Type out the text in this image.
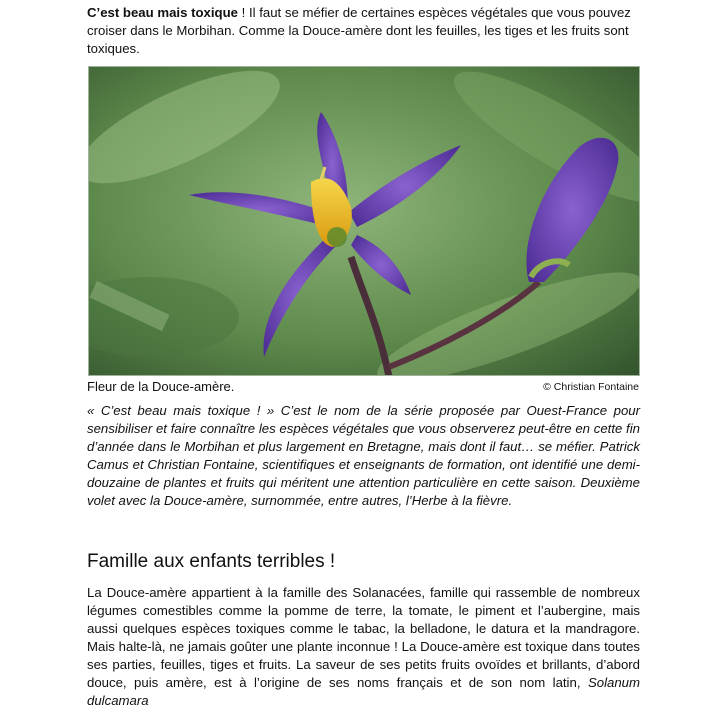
C’est beau mais toxique ! Il faut se méfier de certaines espèces végétales que vous pouvez croiser dans le Morbihan. Comme la Douce-amère dont les feuilles, les tiges et les fruits sont toxiques.

Fleur de la Douce-amère.	© Christian Fontaine

« C’est beau mais toxique ! » C’est le nom de la série proposée par Ouest-France pour sensibiliser et faire connaître les espèces végétales que vous observerez peut-être en cette fin d’année dans le Morbihan et plus largement en Bretagne, mais dont il faut… se méfier. Patrick Camus et Christian Fontaine, scientifiques et enseignants de formation, ont identifié une demi-douzaine de plantes et fruits qui méritent une attention particulière en cette saison. Deuxième volet avec la Douce-amère, surnommée, entre autres, l’Herbe à la fièvre.

Famille aux enfants terribles !

La Douce-amère appartient à la famille des Solanacées, famille qui rassemble de nombreux légumes comestibles comme la pomme de terre, la tomate, le piment et l’aubergine, mais aussi quelques espèces toxiques comme le tabac, la belladone, le datura et la mandragore. Mais halte-là, ne jamais goûter une plante inconnue ! La Douce-amère est toxique dans toutes ses parties, feuilles, tiges et fruits. La saveur de ses petits fruits ovoïdes et brillants, d’abord douce, puis amère, est à l’origine de ses noms français et de son nom latin, Solanum dulcamara
